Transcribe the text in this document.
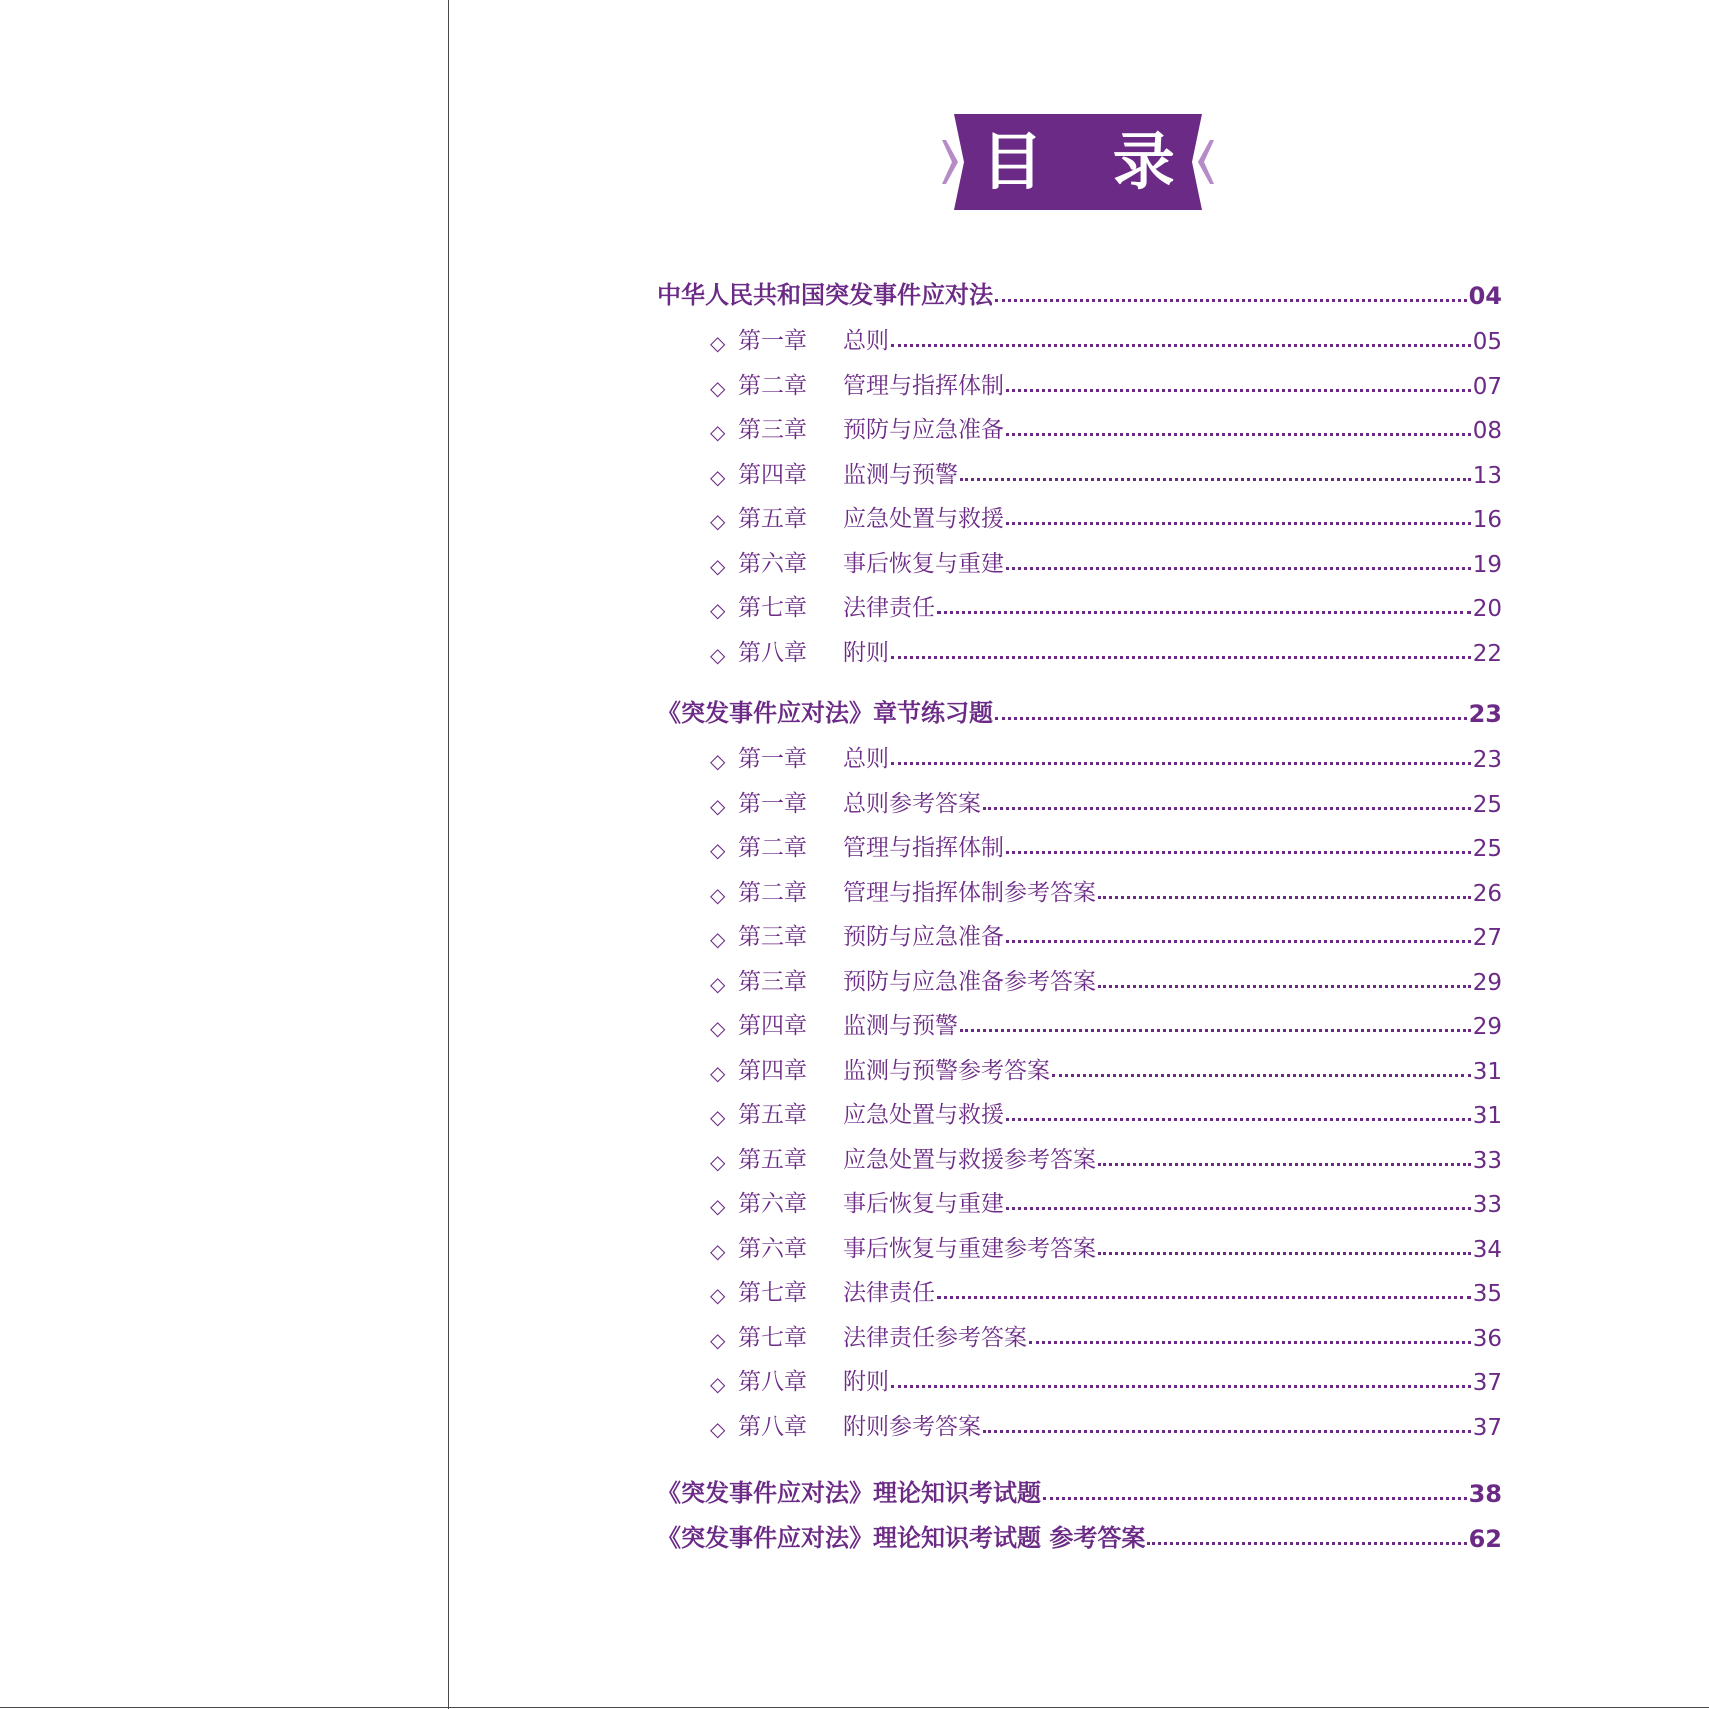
目 录
中华人民共和国突发事件应对法	04
◇ 第一章	总则	05
◇ 第二章	管理与指挥体制	07
◇ 第三章	预防与应急准备	08
◇ 第四章	监测与预警	13
◇ 第五章	应急处置与救援	16
◇ 第六章	事后恢复与重建	19
◇ 第七章	法律责任	20
◇ 第八章	附则	22
《突发事件应对法》章节练习题	23
◇ 第一章	总则	23
◇ 第一章	总则参考答案	25
◇ 第二章	管理与指挥体制	25
◇ 第二章	管理与指挥体制参考答案	26
◇ 第三章	预防与应急准备	27
◇ 第三章	预防与应急准备参考答案	29
◇ 第四章	监测与预警	29
◇ 第四章	监测与预警参考答案	31
◇ 第五章	应急处置与救援	31
◇ 第五章	应急处置与救援参考答案	33
◇ 第六章	事后恢复与重建	33
◇ 第六章	事后恢复与重建参考答案	34
◇ 第七章	法律责任	35
◇ 第七章	法律责任参考答案	36
◇ 第八章	附则	37
◇ 第八章	附则参考答案	37
《突发事件应对法》理论知识考试题	38
《突发事件应对法》理论知识考试题 参考答案	62
